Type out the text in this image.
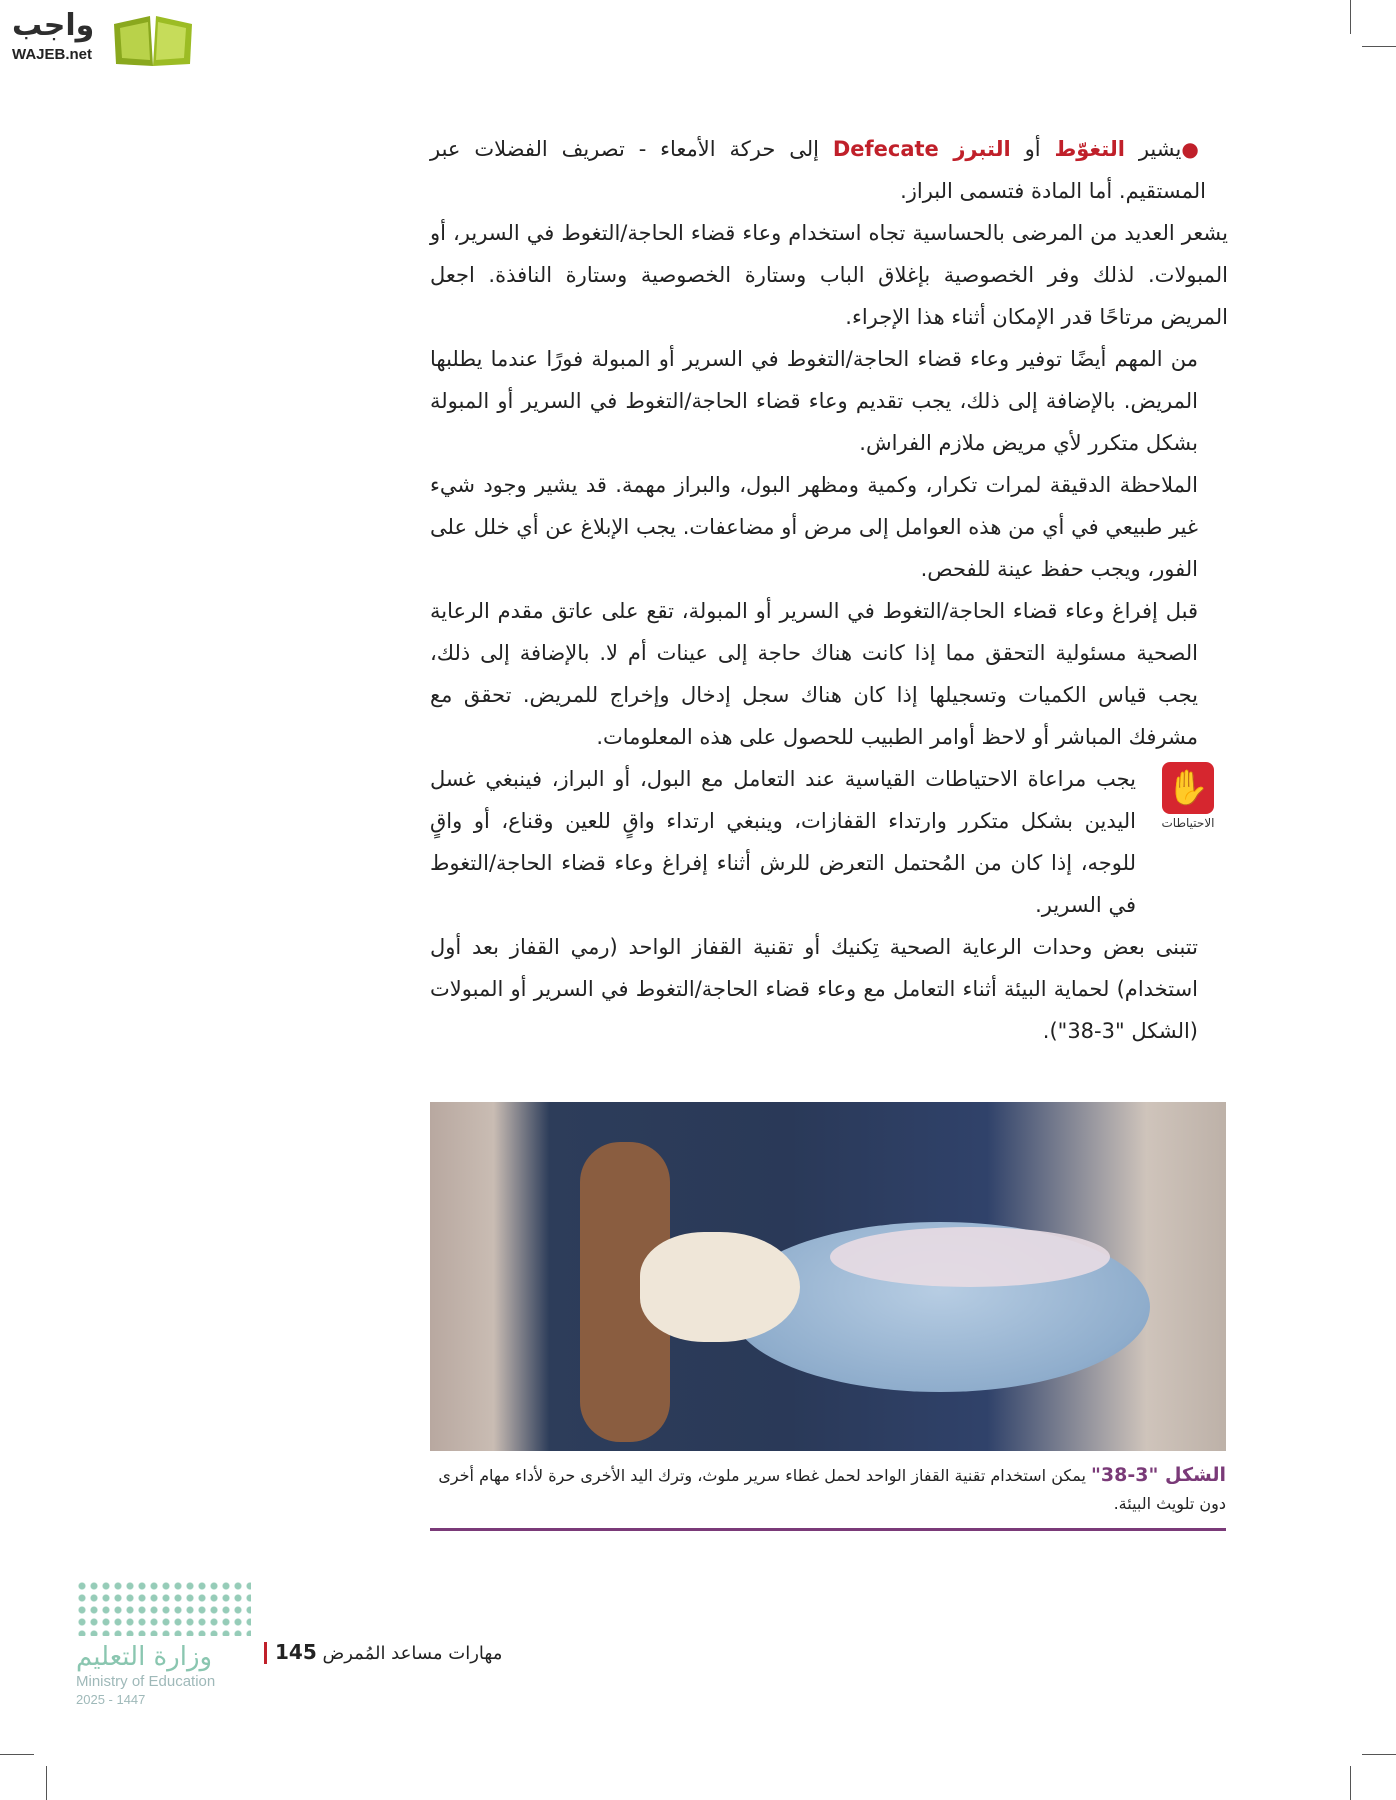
واجب
WAJEB.net

●يشير التغوّط أو التبرز Defecate إلى حركة الأمعاء - تصريف الفضلات عبر المستقيم. أما المادة فتسمى البراز.

يشعر العديد من المرضى بالحساسية تجاه استخدام وعاء قضاء الحاجة/التغوط في السرير، أو المبولات. لذلك وفر الخصوصية بإغلاق الباب وستارة الخصوصية وستارة النافذة. اجعل المريض مرتاحًا قدر الإمكان أثناء هذا الإجراء.

من المهم أيضًا توفير وعاء قضاء الحاجة/التغوط في السرير أو المبولة فورًا عندما يطلبها المريض. بالإضافة إلى ذلك، يجب تقديم وعاء قضاء الحاجة/التغوط في السرير أو المبولة بشكل متكرر لأي مريض ملازم الفراش.

الملاحظة الدقيقة لمرات تكرار، وكمية ومظهر البول، والبراز مهمة. قد يشير وجود شيء غير طبيعي في أي من هذه العوامل إلى مرض أو مضاعفات. يجب الإبلاغ عن أي خلل على الفور، ويجب حفظ عينة للفحص.

قبل إفراغ وعاء قضاء الحاجة/التغوط في السرير أو المبولة، تقع على عاتق مقدم الرعاية الصحية مسئولية التحقق مما إذا كانت هناك حاجة إلى عينات أم لا. بالإضافة إلى ذلك، يجب قياس الكميات وتسجيلها إذا كان هناك سجل إدخال وإخراج للمريض. تحقق مع مشرفك المباشر أو لاحظ أوامر الطبيب للحصول على هذه المعلومات.

✋
الاحتياطات

يجب مراعاة الاحتياطات القياسية عند التعامل مع البول، أو البراز، فينبغي غسل اليدين بشكل متكرر وارتداء القفازات، وينبغي ارتداء واقٍ للعين وقناع، أو واقٍ للوجه، إذا كان من المُحتمل التعرض للرش أثناء إفراغ وعاء قضاء الحاجة/التغوط في السرير.

تتبنى بعض وحدات الرعاية الصحية تِكنيك أو تقنية القفاز الواحد (رمي القفاز بعد أول استخدام) لحماية البيئة أثناء التعامل مع وعاء قضاء الحاجة/التغوط في السرير أو المبولات (الشكل "3-38").

الشكل "3-38" يمكن استخدام تقنية القفاز الواحد لحمل غطاء سرير ملوث، وترك اليد الأخرى حرة لأداء مهام أخرى دون تلويث البيئة.
وزارة التعليم
Ministry of Education
2025 - 1447
مهارات مساعد المُمرض 145
